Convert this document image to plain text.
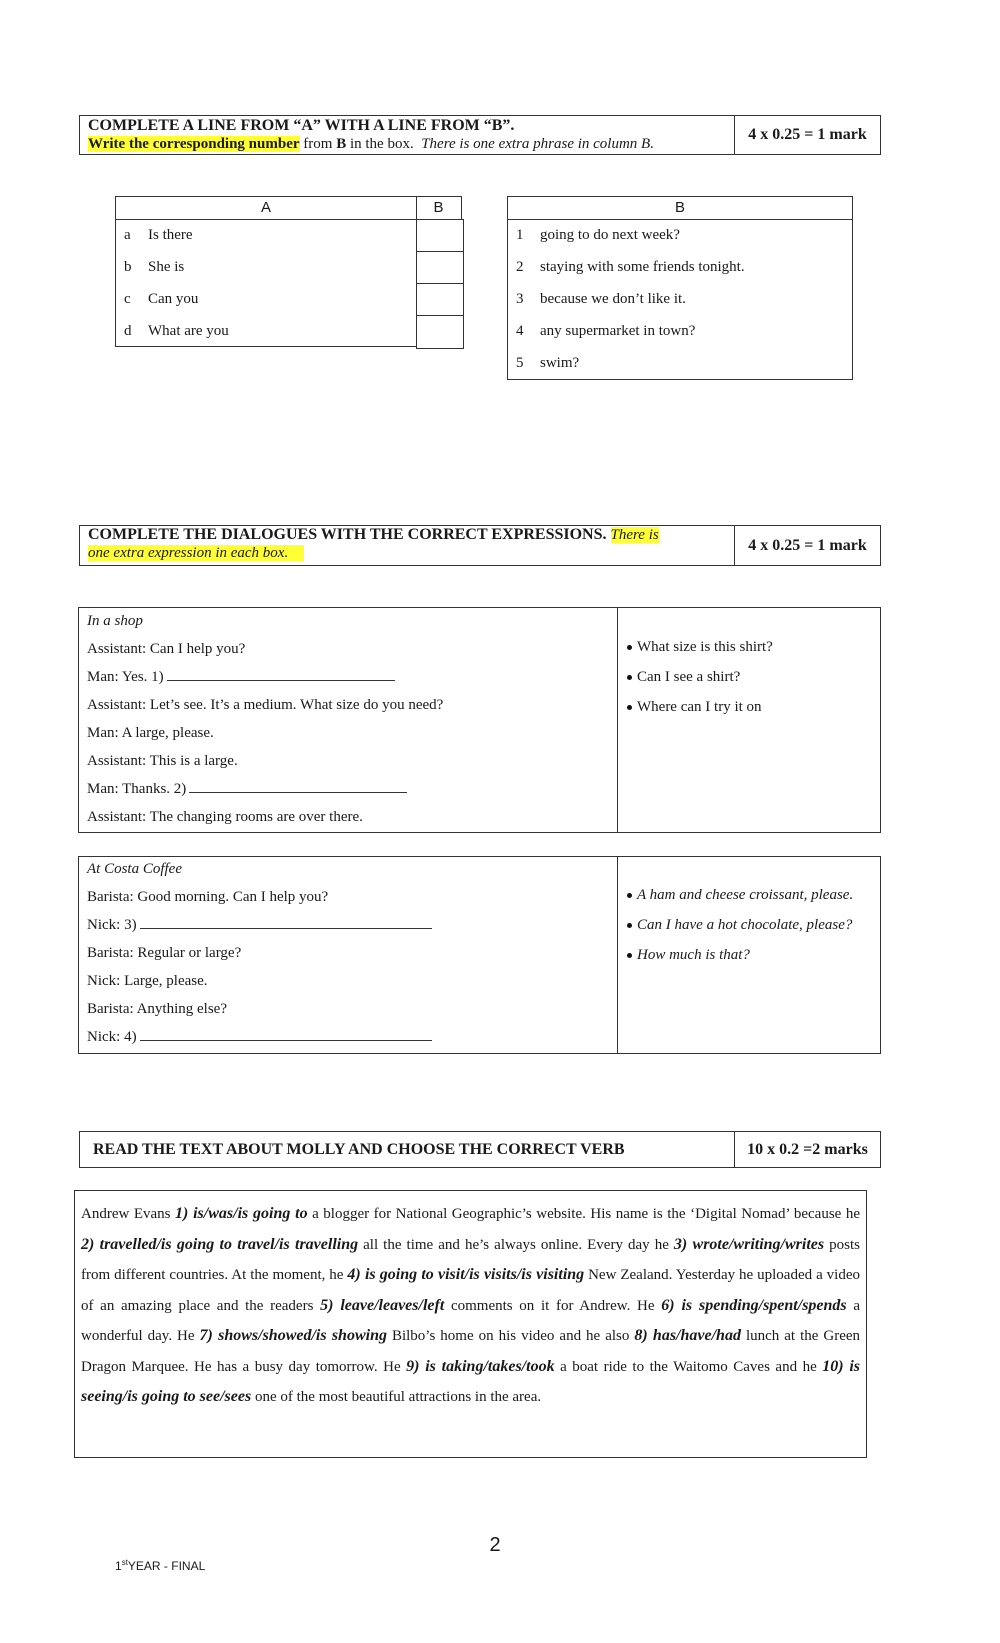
COMPLETE A LINE FROM “A” WITH A LINE FROM “B”.
Write the corresponding number from B in the box. There is one extra phrase in column B.
4 x 0.25 = 1 mark
A	B
a Is there
b She is
c Can you
d What are you
B
1 going to do next week?
2 staying with some friends tonight.
3 because we don’t like it.
4 any supermarket in town?
5 swim?
COMPLETE THE DIALOGUES WITH THE CORRECT EXPRESSIONS. There is
one extra expression in each box.	4 x 0.25 = 1 mark
In a shop
Assistant: Can I help you?
Man: Yes. 1)
Assistant: Let’s see. It’s a medium. What size do you need?
Man: A large, please.
Assistant: This is a large.
Man: Thanks. 2)
Assistant: The changing rooms are over there.
What size is this shirt?
Can I see a shirt?
Where can I try it on
At Costa Coffee
Barista: Good morning. Can I help you?
Nick: 3)
Barista: Regular or large?
Nick: Large, please.
Barista: Anything else?
Nick: 4)
A ham and cheese croissant, please.
Can I have a hot chocolate, please?
How much is that?
READ THE TEXT ABOUT MOLLY AND CHOOSE THE CORRECT VERB	10 x 0.2 =2 marks
Andrew Evans 1) is/was/is going to a blogger for National Geographic’s website. His name is the ‘Digital Nomad’ because he 2) travelled/is going to travel/is travelling all the time and he’s always online. Every day he 3) wrote/writing/writes posts from different countries. At the moment, he 4) is going to visit/is visits/is visiting New Zealand. Yesterday he uploaded a video of an amazing place and the readers 5) leave/leaves/left comments on it for Andrew. He 6) is spending/spent/spends a wonderful day. He 7) shows/showed/is showing Bilbo’s home on his video and he also 8) has/have/had lunch at the Green Dragon Marquee. He has a busy day tomorrow. He 9) is taking/takes/took a boat ride to the Waitomo Caves and he 10) is seeing/is going to see/sees one of the most beautiful attractions in the area.
2
1stYEAR - FINAL
